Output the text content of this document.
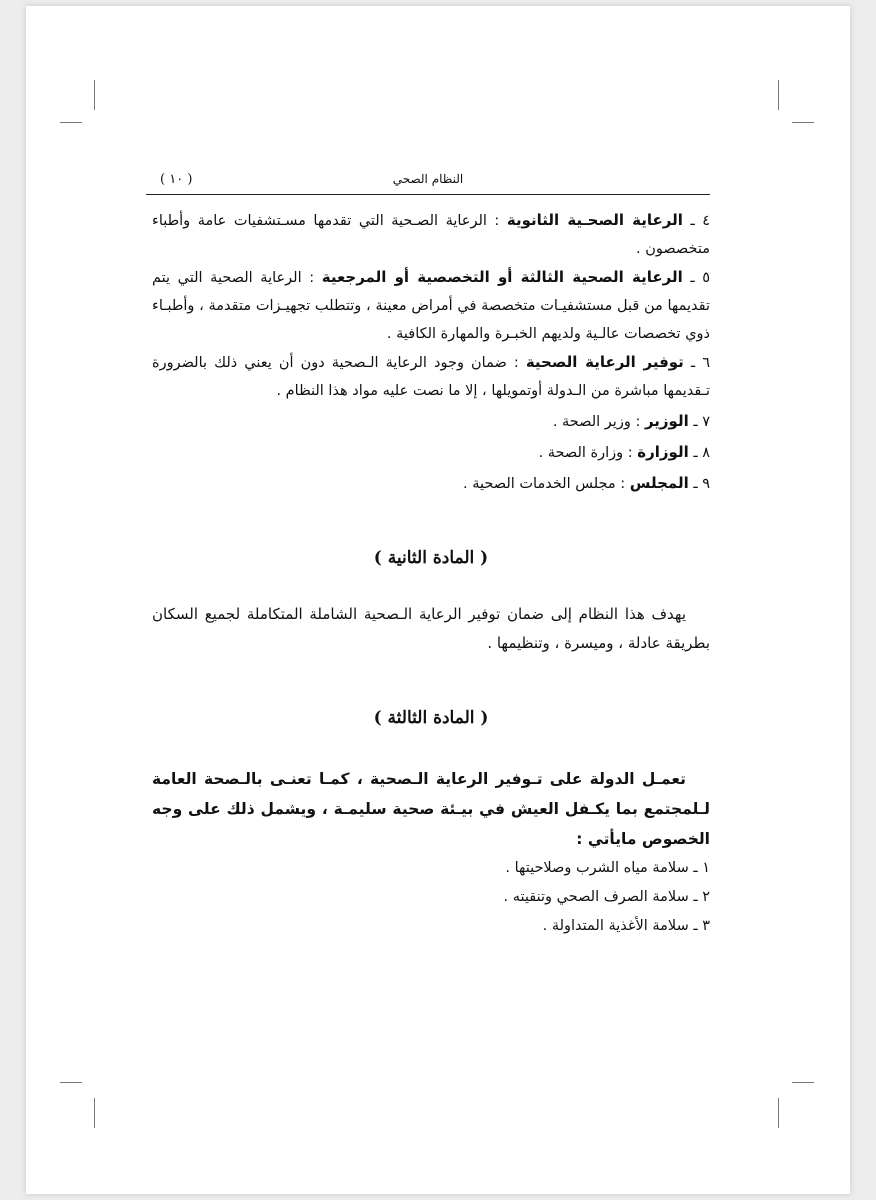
النظام الصحي
( ١٠ )

٤ ـ الرعاية الصحـية الثانوية : الرعاية الصـحية التي تقدمها مسـتشفيات عامة وأطباء متخصصون .

٥ ـ الرعاية الصحية الثالثة أو التخصصية أو المرجعية : الرعاية الصحية التي يتم تقديمها من قبل مستشفيـات متخصصة في أمراض معينة ، وتتطلب تجهيـزات متقدمة ، وأطبـاء ذوي تخصصات عالـية ولديهم الخبـرة والمهارة الكافية .

٦ ـ توفير الرعاية الصحية : ضمان وجود الرعاية الـصحية دون أن يعني ذلك بالضرورة تـقديمها مباشرة من الـدولة أوتمويلها ، إلا ما نصت عليه مواد هذا النظام .

٧ ـ الوزير : وزير الصحة .

٨ ـ الوزارة : وزارة الصحة .

٩ ـ المجلس : مجلس الخدمات الصحية .

( المادة الثانية )

يهدف هذا النظام إلى ضمان توفير الرعاية الـصحية الشاملة المتكاملة لجميع السكان بطريقة عادلة ، وميسرة ، وتنظيمها .

( المادة الثالثة )

تعمـل الدولة على تـوفير الرعاية الـصحية ، كمـا تعنـى بالـصحة العامة لـلمجتمع بما يكـفل العيش في بيـئة صحية سليمـة ، ويشمل ذلك على وجه الخصوص مايأتي :

١ ـ سلامة مياه الشرب وصلاحيتها .

٢ ـ سلامة الصرف الصحي وتنقيته .

٣ ـ سلامة الأغذية المتداولة .
